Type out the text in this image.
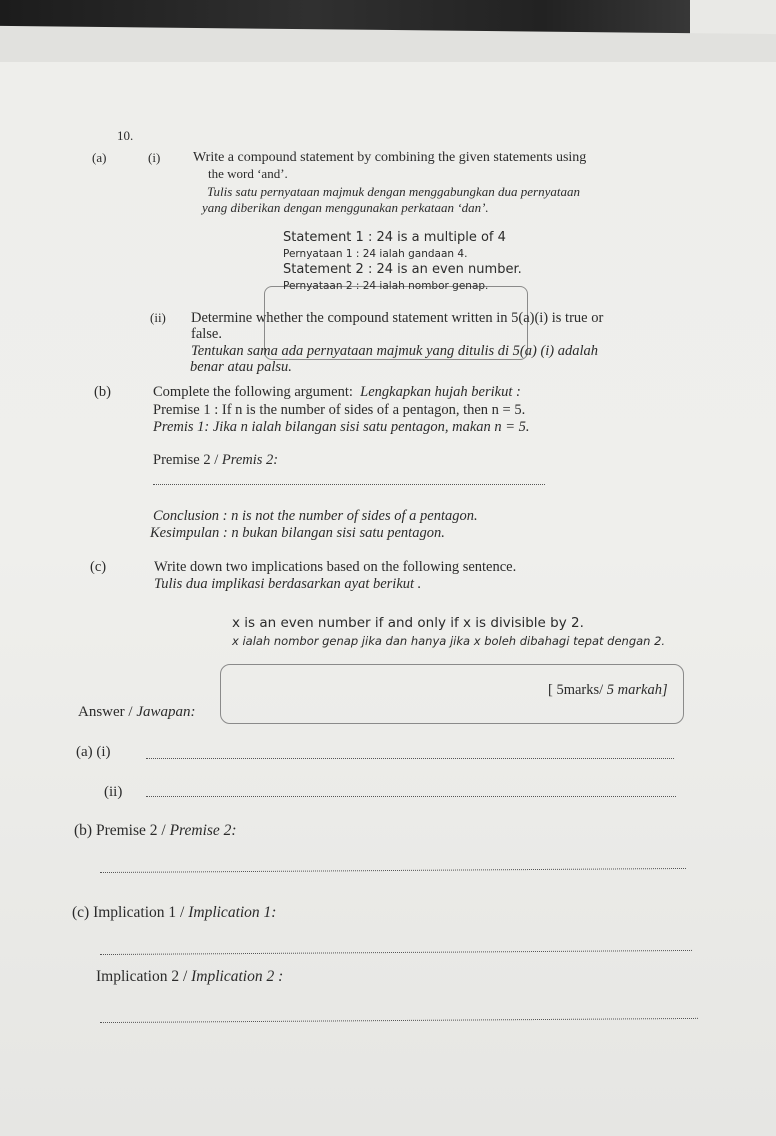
10.
(a)	(i) Write a compound statement by combining the given statements using
the word ‘and’.
Tulis satu pernyataan majmuk dengan menggabungkan dua pernyataan
yang diberikan dengan menggunakan perkataan ‘dan’.
Statement 1 : 24 is a multiple of 4
Pernyataan 1 : 24 ialah gandaan 4.
Statement 2 : 24 is an even number.
Pernyataan 2 : 24 ialah nombor genap.
(ii) Determine whether the compound statement written in 5(a)(i) is true or
false.
Tentukan sama ada pernyataan majmuk yang ditulis di 5(a) (i) adalah
benar atau palsu.
(b)	Complete the following argument: Lengkapkan hujah berikut :
Premise 1 : If n is the number of sides of a pentagon, then n = 5.
Premis 1: Jika n ialah bilangan sisi satu pentagon, makan n = 5.
Premise 2 / Premis 2:
Conclusion : n is not the number of sides of a pentagon.
Kesimpulan : n bukan bilangan sisi satu pentagon.
(c)	Write down two implications based on the following sentence.
Tulis dua implikasi berdasarkan ayat berikut .
x is an even number if and only if x is divisible by 2.
x ialah nombor genap jika dan hanya jika x boleh dibahagi tepat dengan 2.
[ 5marks/ 5 markah]
Answer / Jawapan:
(a) (i)
(ii)
(b) Premise 2 / Premise 2:
(c) Implication 1 / Implication 1:
Implication 2 / Implication 2 :
